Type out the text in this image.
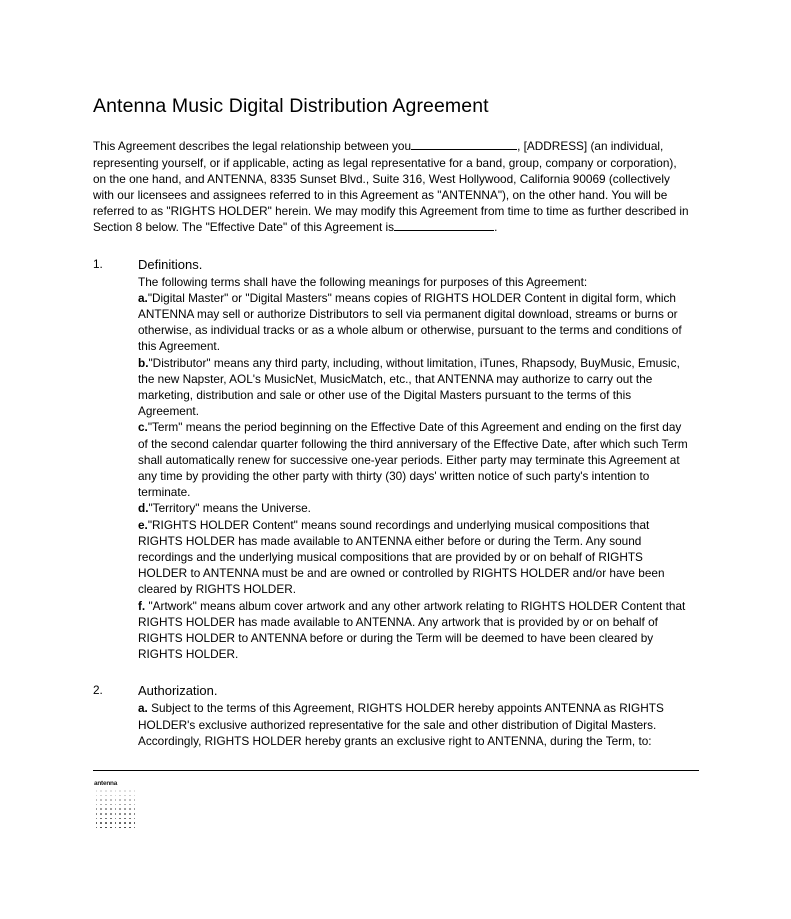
Antenna Music Digital Distribution Agreement

This Agreement describes the legal relationship between you	, [ADDRESS] (an individual, representing yourself, or if applicable, acting as legal representative for a band, group, company or corporation), on the one hand, and ANTENNA, 8335 Sunset Blvd., Suite 316, West Hollywood, California 90069 (collectively with our licensees and assignees referred to in this Agreement as "ANTENNA"), on the other hand. You will be referred to as "RIGHTS HOLDER" herein. We may modify this Agreement from time to time as further described in Section 8 below. The "Effective Date" of this Agreement is	.

1.	Definitions.

The following terms shall have the following meanings for purposes of this Agreement:

a."Digital Master" or "Digital Masters" means copies of RIGHTS HOLDER Content in digital form, which ANTENNA may sell or authorize Distributors to sell via permanent digital download, streams or burns or otherwise, as individual tracks or as a whole album or otherwise, pursuant to the terms and conditions of this Agreement.

b."Distributor" means any third party, including, without limitation, iTunes, Rhapsody, BuyMusic, Emusic, the new Napster, AOL's MusicNet, MusicMatch, etc., that ANTENNA may authorize to carry out the marketing, distribution and sale or other use of the Digital Masters pursuant to the terms of this Agreement.

c."Term" means the period beginning on the Effective Date of this Agreement and ending on the first day of the second calendar quarter following the third anniversary of the Effective Date, after which such Term shall automatically renew for successive one-year periods. Either party may terminate this Agreement at any time by providing the other party with thirty (30) days' written notice of such party's intention to terminate.

d."Territory" means the Universe.

e."RIGHTS HOLDER Content" means sound recordings and underlying musical compositions that RIGHTS HOLDER has made available to ANTENNA either before or during the Term. Any sound recordings and the underlying musical compositions that are provided by or on behalf of RIGHTS HOLDER to ANTENNA must be and are owned or controlled by RIGHTS HOLDER and/or have been cleared by RIGHTS HOLDER.

f. "Artwork" means album cover artwork and any other artwork relating to RIGHTS HOLDER Content that RIGHTS HOLDER has made available to ANTENNA. Any artwork that is provided by or on behalf of RIGHTS HOLDER to ANTENNA before or during the Term will be deemed to have been cleared by RIGHTS HOLDER.

2.	Authorization.

a. Subject to the terms of this Agreement, RIGHTS HOLDER hereby appoints ANTENNA as RIGHTS HOLDER's exclusive authorized representative for the sale and other distribution of Digital Masters. Accordingly, RIGHTS HOLDER hereby grants an exclusive right to ANTENNA, during the Term, to:

antenna
